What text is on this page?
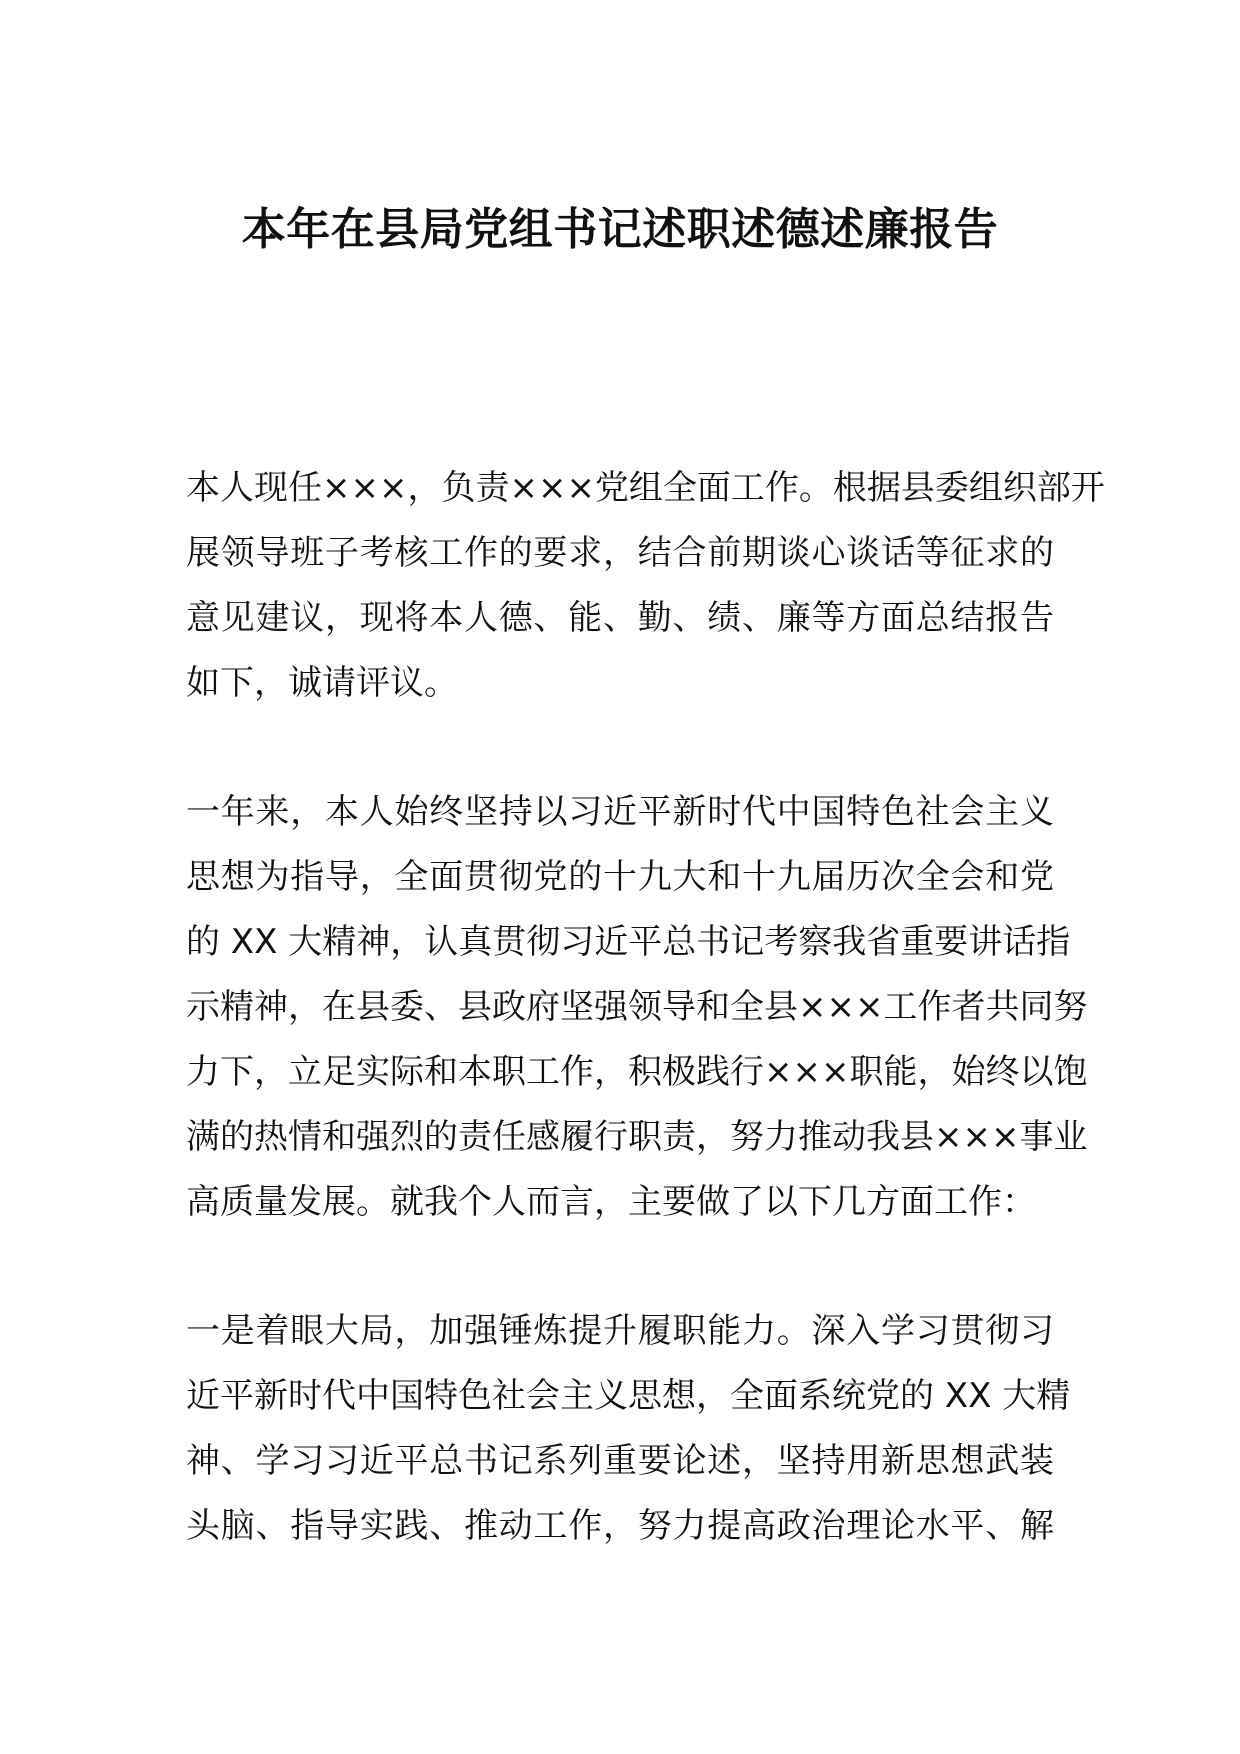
本年在县局党组书记述职述德述廉报告
本人现任×××，负责×××党组全面工作。根据县委组织部开
展领导班子考核工作的要求，结合前期谈心谈话等征求的
意见建议，现将本人德、能、勤、绩、廉等方面总结报告
如下，诚请评议。
一年来，本人始终坚持以习近平新时代中国特色社会主义
思想为指导，全面贯彻党的十九大和十九届历次全会和党
的 XX 大精神，认真贯彻习近平总书记考察我省重要讲话指
示精神，在县委、县政府坚强领导和全县×××工作者共同努
力下，立足实际和本职工作，积极践行×××职能，始终以饱
满的热情和强烈的责任感履行职责，努力推动我县×××事业
高质量发展。就我个人而言，主要做了以下几方面工作：
一是着眼大局，加强锤炼提升履职能力。深入学习贯彻习
近平新时代中国特色社会主义思想，全面系统党的 XX 大精
神、学习习近平总书记系列重要论述，坚持用新思想武装
头脑、指导实践、推动工作，努力提高政治理论水平、解
